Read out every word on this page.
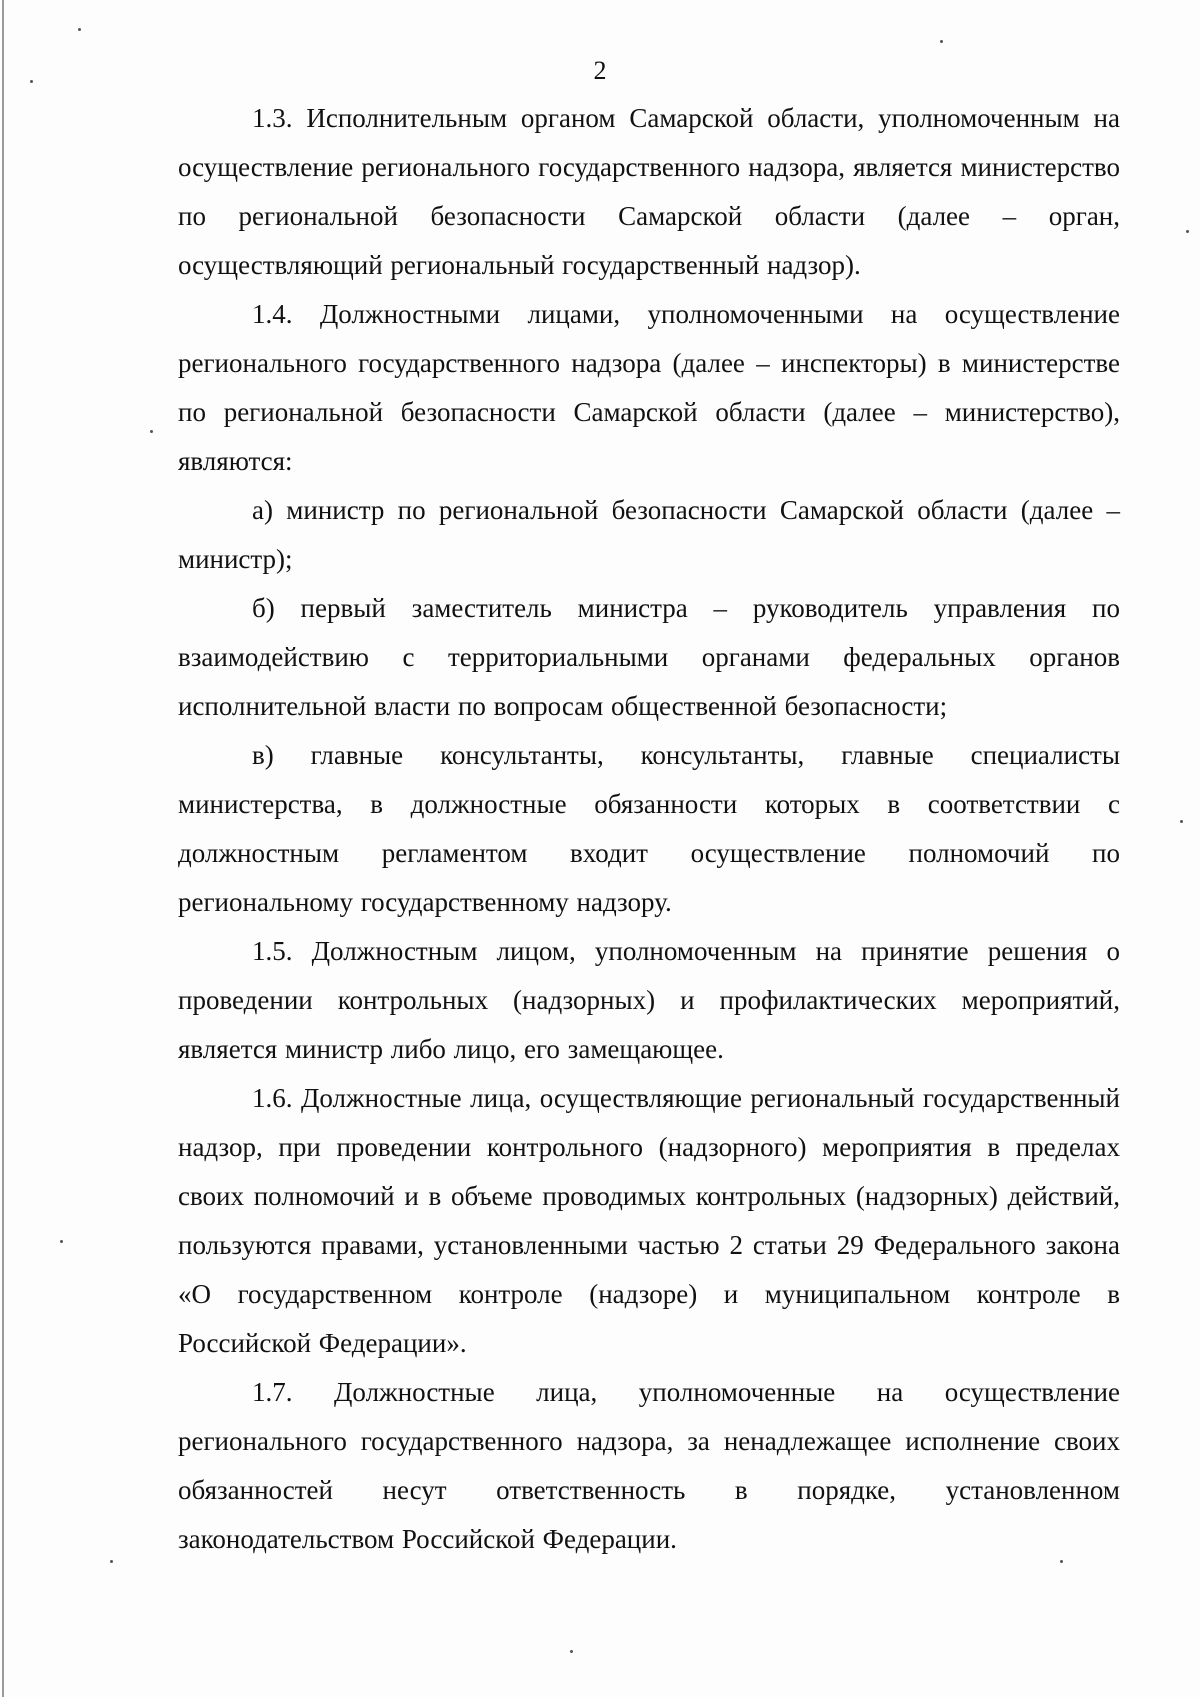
2

1.3. Исполнительным органом Самарской области, уполномоченным на осуществление регионального государственного надзора, является министерство по региональной безопасности Самарской области (далее – орган, осуществляющий региональный государственный надзор).

1.4. Должностными лицами, уполномоченными на осуществление регионального государственного надзора (далее – инспекторы) в министерстве по региональной безопасности Самарской области (далее – министерство), являются:

а) министр по региональной безопасности Самарской области (далее – министр);

б) первый заместитель министра – руководитель управления по взаимодействию с территориальными органами федеральных органов исполнительной власти по вопросам общественной безопасности;

в) главные консультанты, консультанты, главные специалисты министерства, в должностные обязанности которых в соответствии с должностным регламентом входит осуществление полномочий по региональному государственному надзору.

1.5. Должностным лицом, уполномоченным на принятие решения о проведении контрольных (надзорных) и профилактических мероприятий, является министр либо лицо, его замещающее.

1.6. Должностные лица, осуществляющие региональный государственный надзор, при проведении контрольного (надзорного) мероприятия в пределах своих полномочий и в объеме проводимых контрольных (надзорных) действий, пользуются правами, установленными частью 2 статьи 29 Федерального закона «О государственном контроле (надзоре) и муниципальном контроле в Российской Федерации».

1.7. Должностные лица, уполномоченные на осуществление регионального государственного надзора, за ненадлежащее исполнение своих обязанностей несут ответственность в порядке, установленном законодательством Российской Федерации.
